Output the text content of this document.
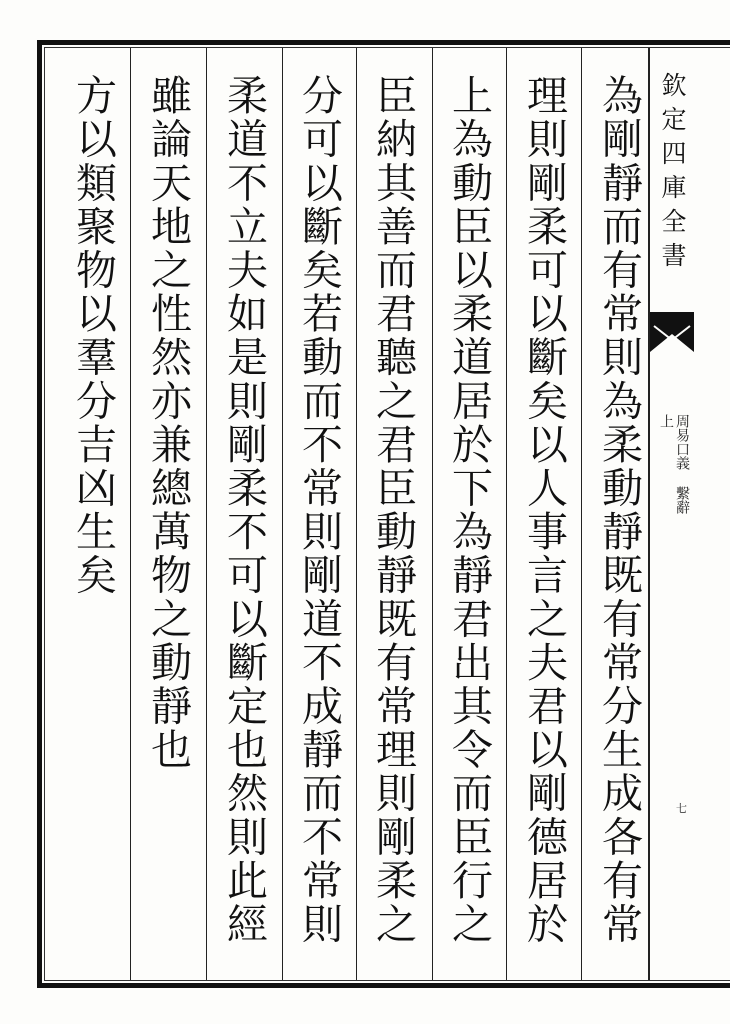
為剛靜而有常則為柔動靜既有常分生成各有常
理則剛柔可以斷矣以人事言之夫君以剛德居於
上為動臣以柔道居於下為靜君出其令而臣行之
臣納其善而君聽之君臣動靜既有常理則剛柔之
分可以斷矣若動而不常則剛道不成靜而不常則
柔道不立夫如是則剛柔不可以斷定也然則此經
雖論天地之性然亦兼總萬物之動靜也
方以類聚物以羣分吉凶生矣	欽定四庫全書
周易口義 繫辭上
七
